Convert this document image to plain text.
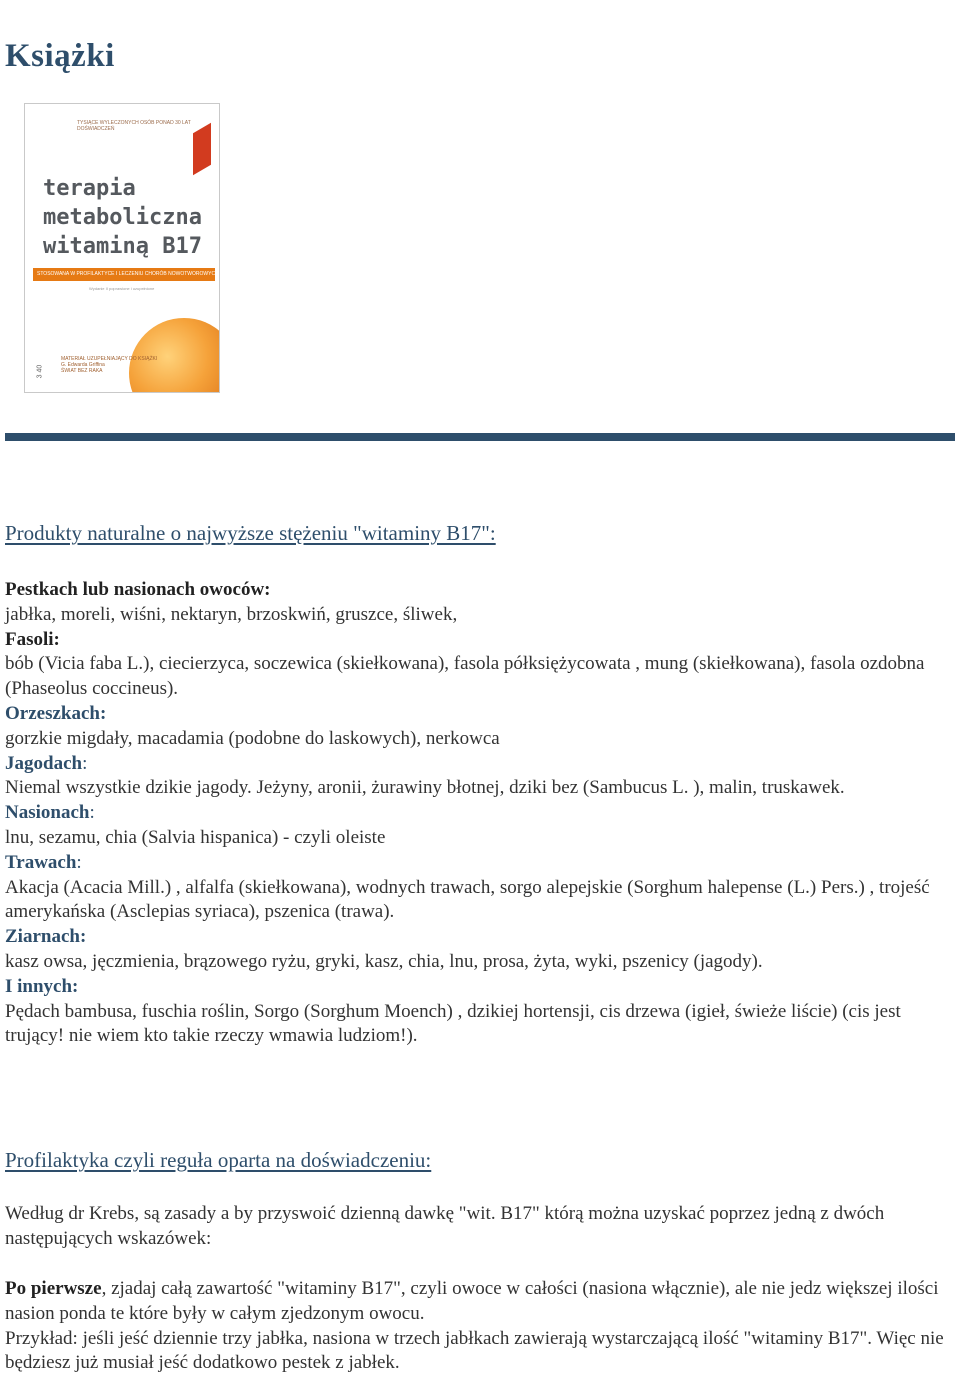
Książki
TYSIĄCE WYLECZONYCH OSÓB PONAD 30 LAT DOŚWIADCZEŃ
terapia
metaboliczna
witaminą B17
STOSOWANA W PROFILAKTYCE I LECZENIU CHORÓB NOWOTWOROWYCH
Wydanie II poprawione i uzupełnione
MATERIAŁ UZUPEŁNIAJĄCY DO KSIĄŻKI
G. Edwarda Griffina
ŚWIAT BEZ RAKA
3 40
Produkty naturalne o najwyższe stężeniu "witaminy B17":

Pestkach lub nasionach owoców:

jabłka, moreli, wiśni, nektaryn, brzoskwiń, gruszce, śliwek,

Fasoli:

bób (Vicia faba L.), ciecierzyca, soczewica (skiełkowana), fasola półksiężycowata , mung (skiełkowana), fasola ozdobna (Phaseolus coccineus).

Orzeszkach:

gorzkie migdały, macadamia (podobne do laskowych), nerkowca

Jagodach:

Niemal wszystkie dzikie jagody. Jeżyny, aronii, żurawiny błotnej, dziki bez (Sambucus L. ), malin, truskawek.

Nasionach:

lnu, sezamu, chia (Salvia hispanica) - czyli oleiste

Trawach:

Akacja (Acacia Mill.) , alfalfa (skiełkowana), wodnych trawach, sorgo alepejskie (Sorghum halepense (L.) Pers.) , trojeść amerykańska (Asclepias syriaca), pszenica (trawa).

Ziarnach:

kasz owsa, jęczmienia, brązowego ryżu, gryki, kasz, chia, lnu, prosa, żyta, wyki, pszenicy (jagody).

I innych:

Pędach bambusa, fuschia roślin, Sorgo (Sorghum Moench) , dzikiej hortensji, cis drzewa (igieł, świeże liście) (cis jest trujący! nie wiem kto takie rzeczy wmawia ludziom!).

Profilaktyka czyli reguła oparta na doświadczeniu:

Według dr Krebs, są zasady a by przyswoić dzienną dawkę "wit. B17" którą można uzyskać poprzez jedną z dwóch następujących wskazówek:

Po pierwsze, zjadaj całą zawartość "witaminy B17", czyli owoce w całości (nasiona włącznie), ale nie jedz większej ilości nasion ponda te które były w całym zjedzonym owocu.

Przykład: jeśli jeść dziennie trzy jabłka, nasiona w trzech jabłkach zawierają wystarczającą ilość "witaminy B17". Więc nie będziesz już musiał jeść dodatkowo pestek z jabłek.
